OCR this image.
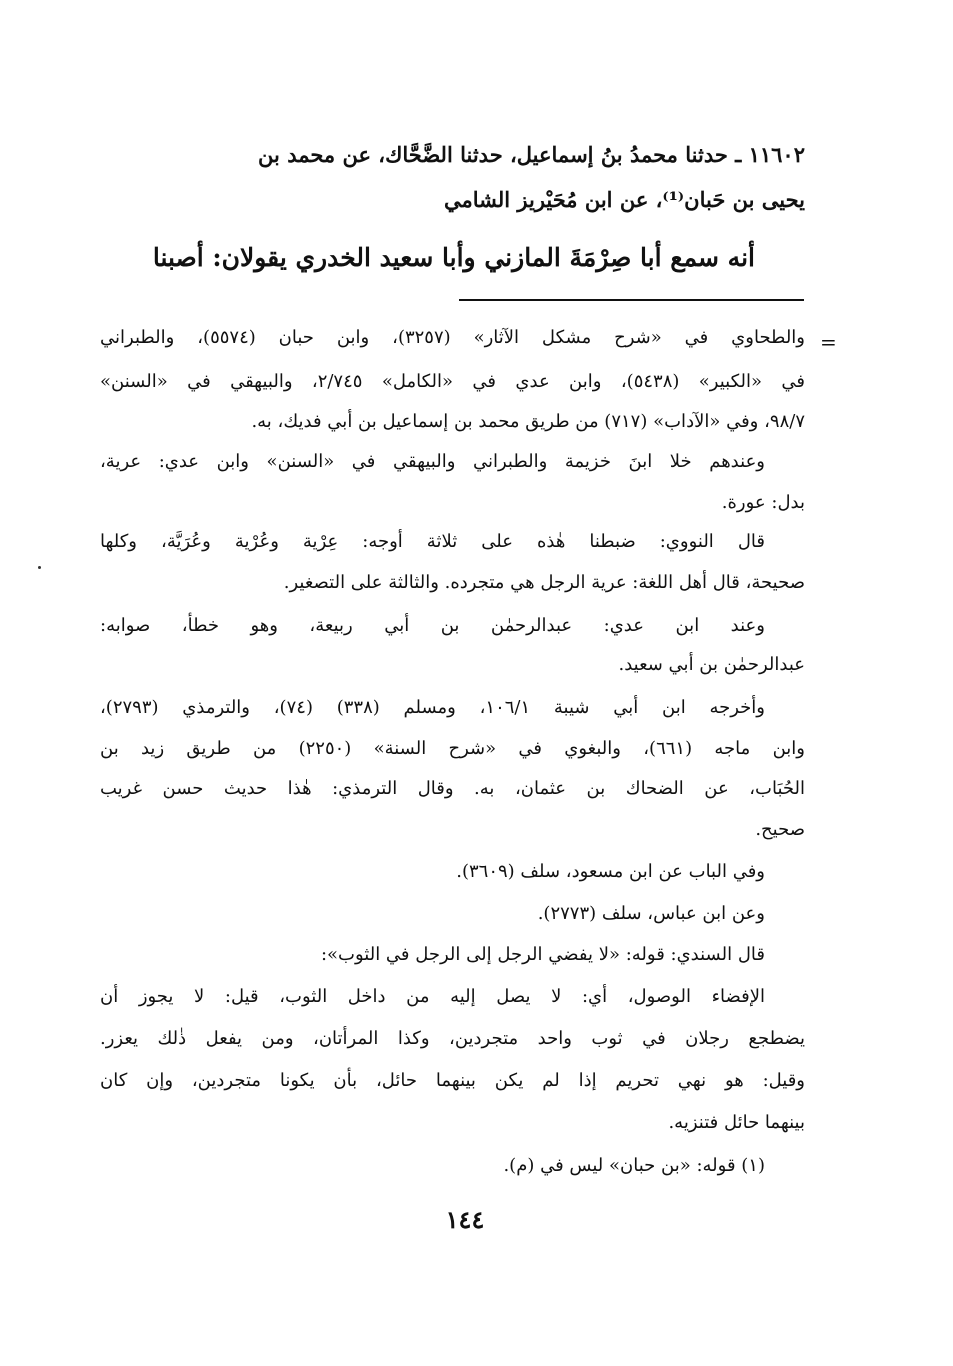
١١٦٠٢ ـ حدثنا محمدُ بنُ إسماعيل، حدثنا الضَّحَّاك، عن محمد بن
يحيى بن حَبان⁽¹⁾، عن ابن مُحَيْريز الشامي
أنه سمع أبا صِرْمَةَ المازني وأبا سعيد الخدري يقولان: أصبنا
=
والطحاوي في «شرح مشكل الآثار» (٣٢٥٧)، وابن حبان (٥٥٧٤)، والطبراني
في «الكبير» (٥٤٣٨)، وابن عدي في «الكامل» ٢/٧٤٥، والبيهقي في «السنن»
٩٨/٧، وفي «الآداب» (٧١٧) من طريق محمد بن إسماعيل بن أبي فديك، به.
وعندهم خلا ابنَ خزيمة والطبراني والبيهقي في «السنن» وابن عدي: عرية،
بدل: عورة.
قال النووي: ضبطنا هٰذه على ثلاثة أوجه: عِرْية وعُرْية وعُرَيَّة، وكلها
صحيحة، قال أهل اللغة: عرية الرجل هي متجرده. والثالثة على التصغير.
وعند ابن عدي: عبدالرحمٰن بن أبي ربيعة، وهو خطأ، صوابه:
عبدالرحمٰن بن أبي سعيد.
وأخرجه ابن أبي شيبة ١٠٦/١، ومسلم (٣٣٨) (٧٤)، والترمذي (٢٧٩٣)،
وابن ماجه (٦٦١)، والبغوي في «شرح السنة» (٢٢٥٠) من طريق زيد بن
الحُبَاب، عن الضحاك بن عثمان، به. وقال الترمذي: هٰذا حديث حسن غريب
صحيح.
وفي الباب عن ابن مسعود، سلف (٣٦٠٩).
وعن ابن عباس، سلف (٢٧٧٣).
قال السندي: قوله: «لا يفضي الرجل إلى الرجل في الثوب»:
الإفضاء الوصول، أي: لا يصل إليه من داخل الثوب، قيل: لا يجوز أن
يضطجع رجلان في ثوب واحد متجردين، وكذا المرأتان، ومن يفعل ذٰلك يعزر.
وقيل: هو نهي تحريم إذا لم يكن بينهما حائل، بأن يكونا متجردين، وإن كان
بينهما حائل فتنزيه.
(١) قوله: «بن حبان» ليس في (م).
١٤٤
